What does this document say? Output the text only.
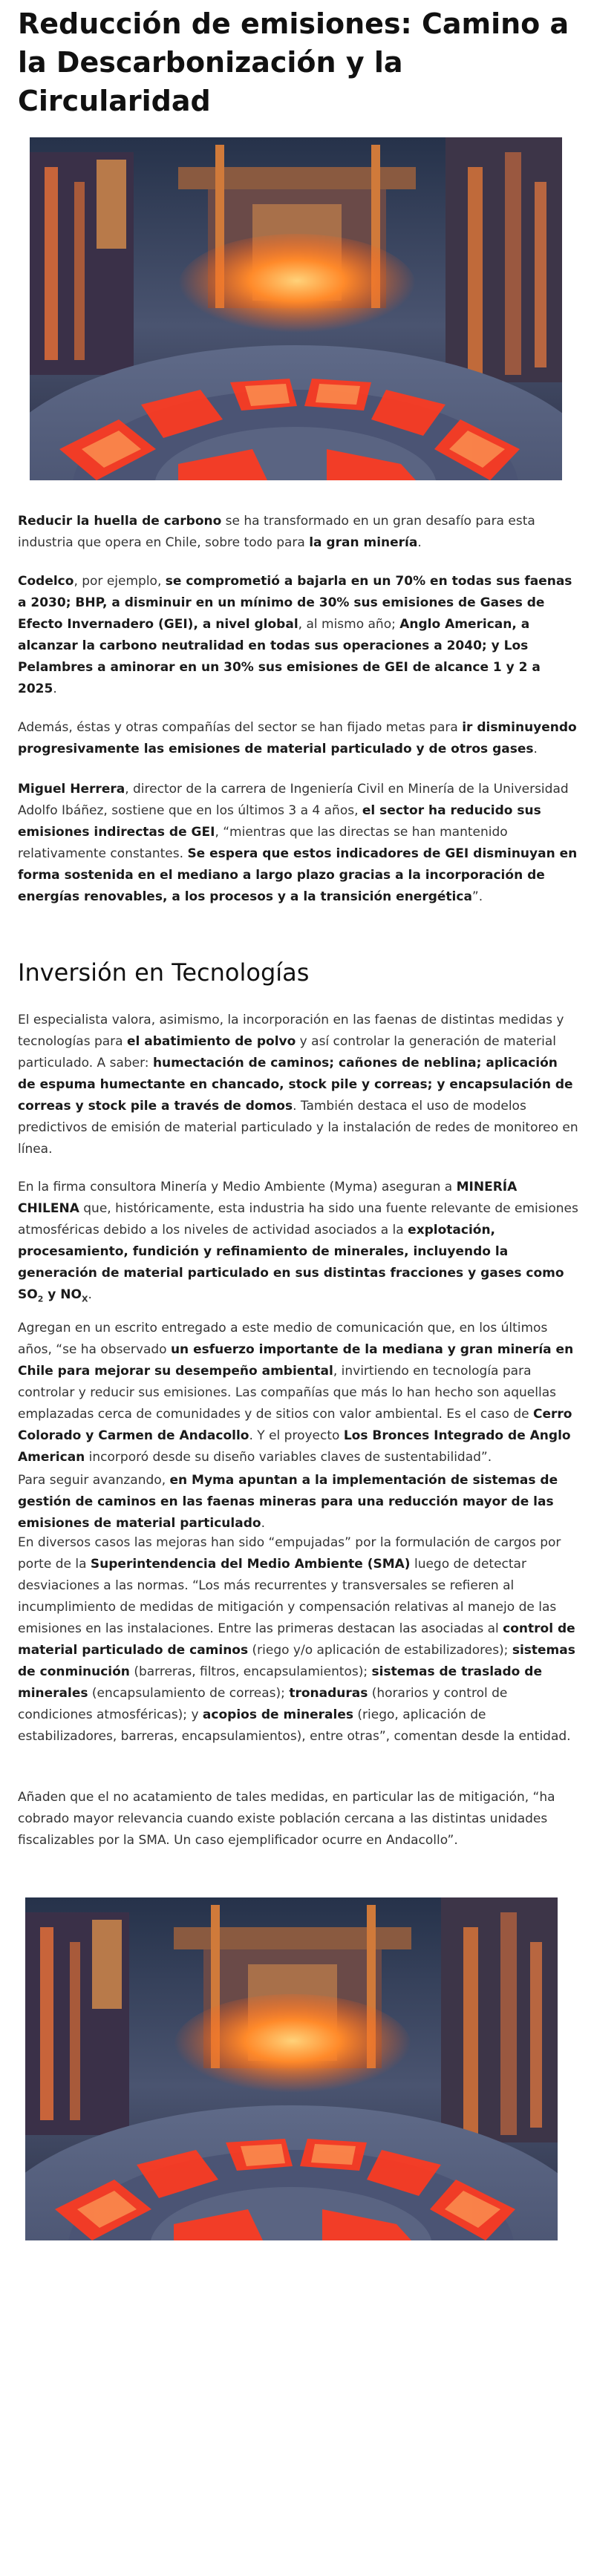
Reducción de emisiones: Camino a la Descarbonización y la Circularidad

Reducir la huella de carbono se ha transformado en un gran desafío para esta industria que opera en Chile, sobre todo para la gran minería.

Codelco, por ejemplo, se comprometió a bajarla en un 70% en todas sus faenas a 2030; BHP, a disminuir en un mínimo de 30% sus emisiones de Gases de Efecto Invernadero (GEI), a nivel global, al mismo año; Anglo American, a alcanzar la carbono neutralidad en todas sus operaciones a 2040; y Los Pelambres a aminorar en un 30% sus emisiones de GEI de alcance 1 y 2 a 2025.

Además, éstas y otras compañías del sector se han fijado metas para ir disminuyendo progresivamente las emisiones de material particulado y de otros gases.

Miguel Herrera, director de la carrera de Ingeniería Civil en Minería de la Universidad Adolfo Ibáñez, sostiene que en los últimos 3 a 4 años, el sector ha reducido sus emisiones indirectas de GEI, “mientras que las directas se han mantenido relativamente constantes. Se espera que estos indicadores de GEI disminuyan en forma sostenida en el mediano a largo plazo gracias a la incorporación de energías renovables, a los procesos y a la transición energética”.

Inversión en Tecnologías

El especialista valora, asimismo, la incorporación en las faenas de distintas medidas y tecnologías para el abatimiento de polvo y así controlar la generación de material particulado. A saber: humectación de caminos; cañones de neblina; aplicación de espuma humectante en chancado, stock pile y correas; y encapsulación de correas y stock pile a través de domos. También destaca el uso de modelos predictivos de emisión de material particulado y la instalación de redes de monitoreo en línea.

En la firma consultora Minería y Medio Ambiente (Myma) aseguran a MINERÍA CHILENA que, históricamente, esta industria ha sido una fuente relevante de emisiones atmosféricas debido a los niveles de actividad asociados a la explotación, procesamiento, fundición y refinamiento de minerales, incluyendo la generación de material particulado en sus distintas fracciones y gases como $SO_2$ y $NO_X$.

Agregan en un escrito entregado a este medio de comunicación que, en los últimos años, “se ha observado un esfuerzo importante de la mediana y gran minería en Chile para mejorar su desempeño ambiental, invirtiendo en tecnología para controlar y reducir sus emisiones. Las compañías que más lo han hecho son aquellas emplazadas cerca de comunidades y de sitios con valor ambiental. Es el caso de Cerro Colorado y Carmen de Andacollo. Y el proyecto Los Bronces Integrado de Anglo American incorporó desde su diseño variables claves de sustentabilidad”.

Para seguir avanzando, en Myma apuntan a la implementación de sistemas de gestión de caminos en las faenas mineras para una reducción mayor de las emisiones de material particulado.

En diversos casos las mejoras han sido “empujadas” por la formulación de cargos por porte de la Superintendencia del Medio Ambiente (SMA) luego de detectar desviaciones a las normas. “Los más recurrentes y transversales se refieren al incumplimiento de medidas de mitigación y compensación relativas al manejo de las emisiones en las instalaciones. Entre las primeras destacan las asociadas al control de material particulado de caminos (riego y/o aplicación de estabilizadores); sistemas de conminución (barreras, filtros, encapsulamientos); sistemas de traslado de minerales (encapsulamiento de correas); tronaduras (horarios y control de condiciones atmosféricas); y acopios de minerales (riego, aplicación de estabilizadores, barreras, encapsulamientos), entre otras”, comentan desde la entidad.

Añaden que el no acatamiento de tales medidas, en particular las de mitigación, “ha cobrado mayor relevancia cuando existe población cercana a las distintas unidades fiscalizables por la SMA. Un caso ejemplificador ocurre en Andacollo”.
